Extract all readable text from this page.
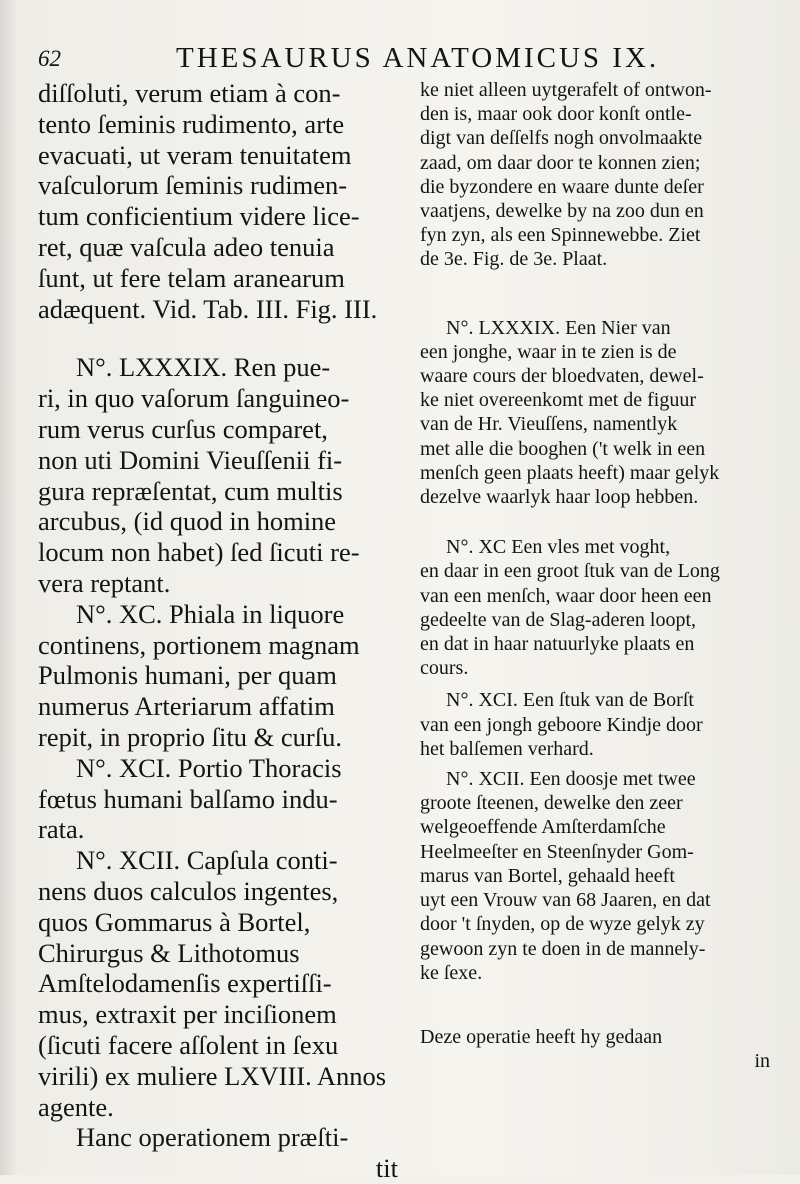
62	THESAURUS ANATOMICUS IX.

diſſoluti, verum etiam à con-

tento ſeminis rudimento, arte

evacuati, ut veram tenuitatem

vaſculorum ſeminis rudimen-

tum conficientium videre lice-

ret, quæ vaſcula adeo tenuia

ſunt, ut fere telam aranearum

adæquent. Vid. Tab. III. Fig. III.

N°. LXXXIX. Ren pue-

ri, in quo vaſorum ſanguineo-

rum verus curſus comparet,

non uti Domini Vieuſſenii fi-

gura repræſentat, cum multis

arcubus, (id quod in homine

locum non habet) ſed ſicuti re-

vera reptant.

N°. XC. Phiala in liquore

continens, portionem magnam

Pulmonis humani, per quam

numerus Arteriarum affatim

repit, in proprio ſitu & curſu.

N°. XCI. Portio Thoracis

fœtus humani balſamo indu-

rata.

N°. XCII. Capſula conti-

nens duos calculos ingentes,

quos Gommarus à Bortel,

Chirurgus & Lithotomus

Amſtelodamenſis expertiſſi-

mus, extraxit per inciſionem

(ſicuti facere aſſolent in ſexu

virili) ex muliere LXVIII. Annos

agente.

Hanc operationem præſti-

tit

ke niet alleen uytgerafelt of ontwon-

den is, maar ook door konſt ontle-

digt van deſſelfs nogh onvolmaakte

zaad, om daar door te konnen zien;

die byzondere en waare dunte deſer

vaatjens, dewelke by na zoo dun en

fyn zyn, als een Spinnewebbe. Ziet

de 3e. Fig. de 3e. Plaat.

N°. LXXXIX. Een Nier van

een jonghe, waar in te zien is de

waare cours der bloedvaten, dewel-

ke niet overeenkomt met de figuur

van de Hr. Vieuſſens, namentlyk

met alle die booghen ('t welk in een

menſch geen plaats heeft) maar gelyk

dezelve waarlyk haar loop hebben.

N°. XC Een vles met voght,

en daar in een groot ſtuk van de Long

van een menſch, waar door heen een

gedeelte van de Slag-aderen loopt,

en dat in haar natuurlyke plaats en

cours.

N°. XCI. Een ſtuk van de Borſt

van een jongh geboore Kindje door

het balſemen verhard.

N°. XCII. Een doosje met twee

groote ſteenen, dewelke den zeer

welgeoeffende Amſterdamſche

Heelmeeſter en Steenſnyder Gom-

marus van Bortel, gehaald heeft

uyt een Vrouw van 68 Jaaren, en dat

door 't ſnyden, op de wyze gelyk zy

gewoon zyn te doen in de mannely-

ke ſexe.

Deze operatie heeft hy gedaan

in
